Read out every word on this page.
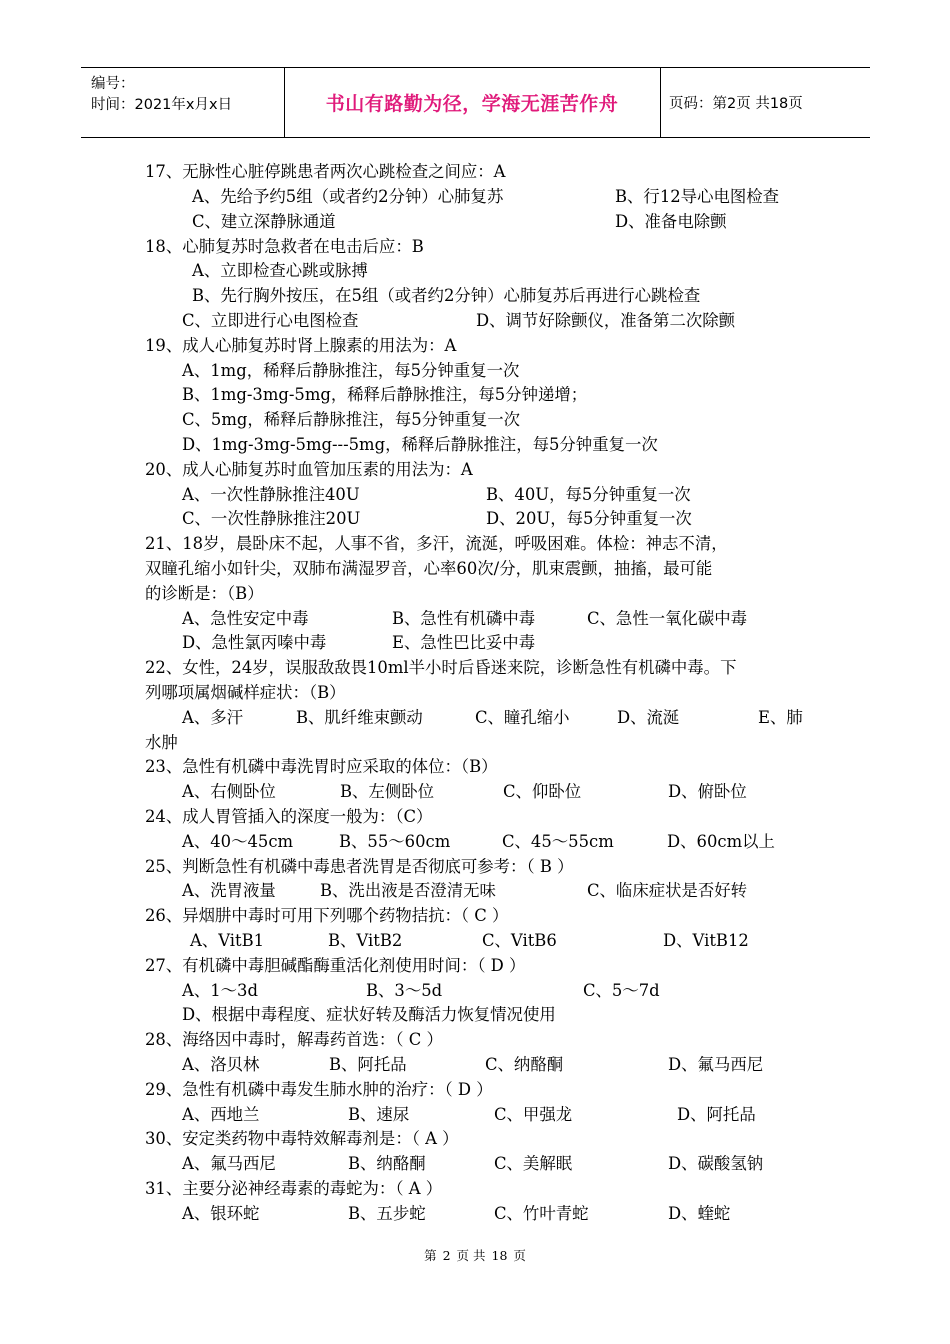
编号：
时间：2021年x月x日	书山有路勤为径，学海无涯苦作舟	页码：第2页 共18页
17、无脉性心脏停跳患者两次心跳检查之间应：A
A、先给予约5组（或者约2分钟）心肺复苏	B、行12导心电图检查
C、建立深静脉通道	D、准备电除颤
18、心肺复苏时急救者在电击后应：B
A、立即检查心跳或脉搏
B、先行胸外按压，在5组（或者约2分钟）心肺复苏后再进行心跳检查
C、立即进行心电图检查	D、调节好除颤仪，准备第二次除颤
19、成人心肺复苏时肾上腺素的用法为：A
A、1mg，稀释后静脉推注，每5分钟重复一次
B、1mg-3mg-5mg，稀释后静脉推注，每5分钟递增；
C、5mg，稀释后静脉推注，每5分钟重复一次
D、1mg-3mg-5mg---5mg，稀释后静脉推注，每5分钟重复一次
20、成人心肺复苏时血管加压素的用法为：A
A、一次性静脉推注40U	B、40U，每5分钟重复一次
C、一次性静脉推注20U	D、20U，每5分钟重复一次
21、18岁，晨卧床不起，人事不省，多汗，流涎，呼吸困难。体检：神志不清，
双瞳孔缩小如针尖，双肺布满湿罗音，心率60次/分，肌束震颤，抽搐，最可能
的诊断是：（B）
A、急性安定中毒	B、急性有机磷中毒	C、急性一氧化碳中毒
D、急性氯丙嗪中毒	E、急性巴比妥中毒
22、女性，24岁，误服敌敌畏10ml半小时后昏迷来院，诊断急性有机磷中毒。下
列哪项属烟碱样症状：（B）
A、多汗	B、肌纤维束颤动	C、瞳孔缩小	D、流涎	E、肺
水肿
23、急性有机磷中毒洗胃时应采取的体位：（B）
A、右侧卧位	B、左侧卧位	C、仰卧位	D、俯卧位
24、成人胃管插入的深度一般为：（C）
A、40～45cm	B、55～60cm	C、45～55cm	D、60cm以上
25、判断急性有机磷中毒患者洗胃是否彻底可参考：（ B ）
A、洗胃液量	B、洗出液是否澄清无味	C、临床症状是否好转
26、异烟肼中毒时可用下列哪个药物拮抗：（ C ）
A、VitB1	B、VitB2	C、VitB6	D、VitB12
27、有机磷中毒胆碱酯酶重活化剂使用时间：（ D ）
A、1～3d	B、3～5d	C、5～7d
D、根据中毒程度、症状好转及酶活力恢复情况使用
28、海络因中毒时，解毒药首选：（ C ）
A、洛贝林	B、阿托品	C、纳酪酮	D、氟马西尼
29、急性有机磷中毒发生肺水肿的治疗：（ D ）
A、西地兰	B、速尿	C、甲强龙	D、阿托品
30、安定类药物中毒特效解毒剂是：（ A ）
A、氟马西尼	B、纳酪酮	C、美解眠	D、碳酸氢钠
31、主要分泌神经毒素的毒蛇为：（ A ）
A、银环蛇	B、五步蛇	C、竹叶青蛇	D、蝰蛇
第 2 页 共 18 页
